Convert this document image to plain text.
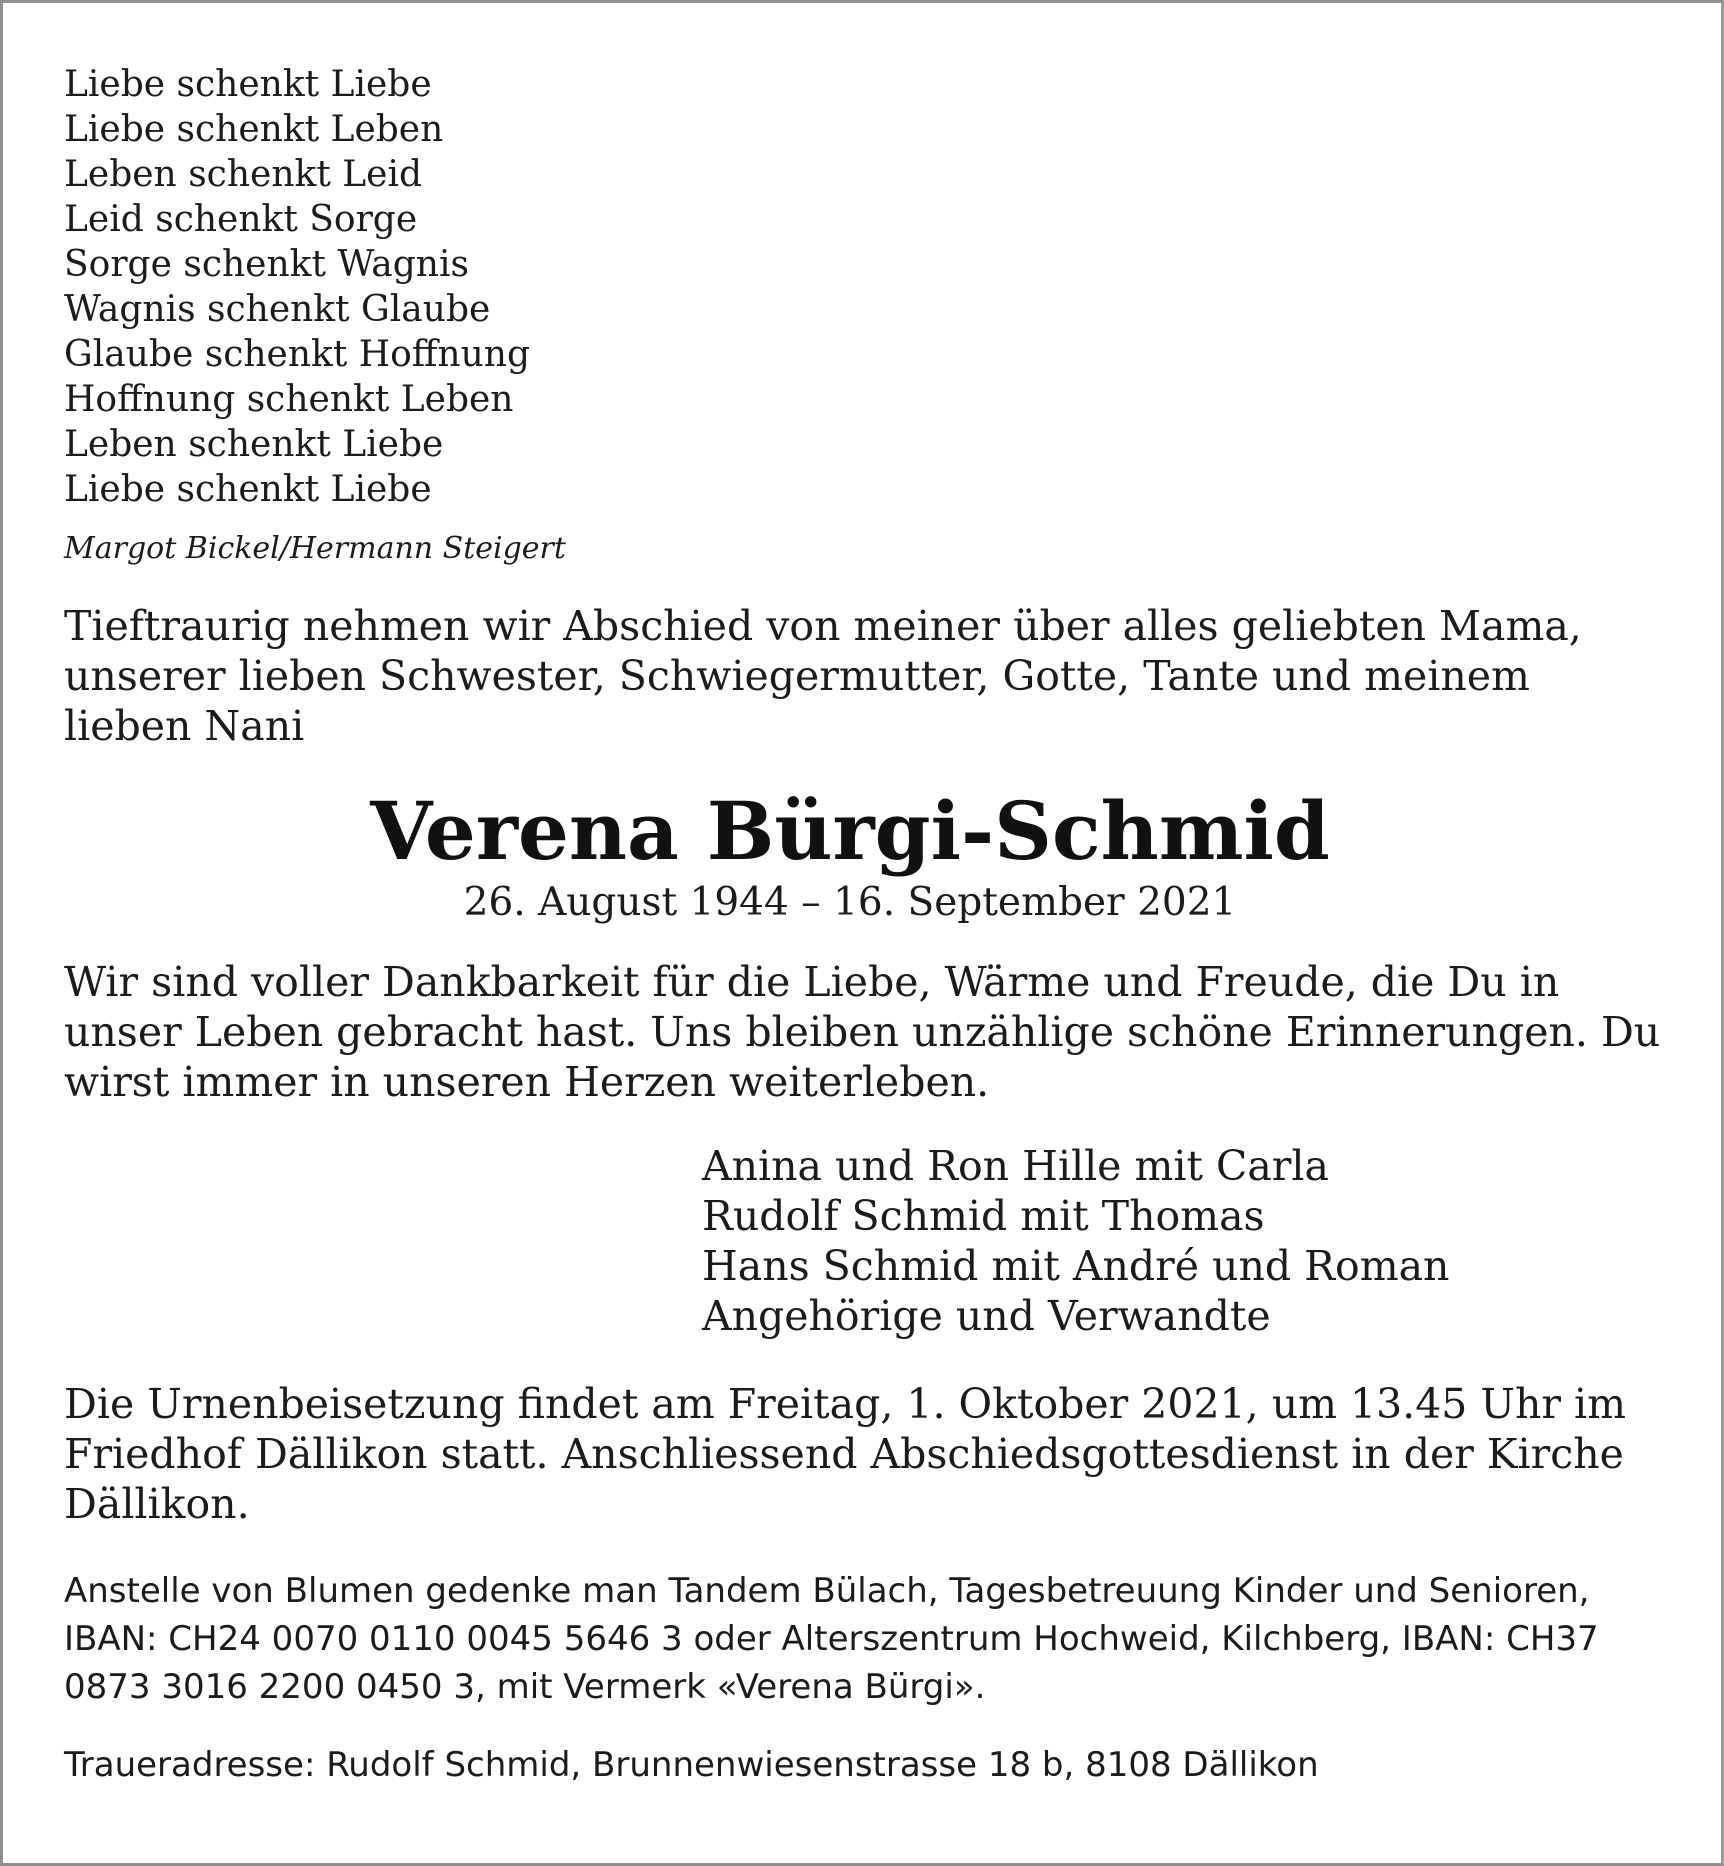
Liebe schenkt Liebe
Liebe schenkt Leben
Leben schenkt Leid
Leid schenkt Sorge
Sorge schenkt Wagnis
Wagnis schenkt Glaube
Glaube schenkt Hoffnung
Hoffnung schenkt Leben
Leben schenkt Liebe
Liebe schenkt Liebe
Margot Bickel/Hermann Steigert
Tieftraurig nehmen wir Abschied von meiner über alles geliebten Mama, unserer lieben Schwester, Schwiegermutter, Gotte, Tante und meinem lieben Nani
Verena Bürgi-Schmid
26. August 1944 – 16. September 2021
Wir sind voller Dankbarkeit für die Liebe, Wärme und Freude, die Du in unser Leben gebracht hast. Uns bleiben unzählige schöne Erinnerungen. Du wirst immer in unseren Herzen weiterleben.
Anina und Ron Hille mit Carla
Rudolf Schmid mit Thomas
Hans Schmid mit André und Roman
Angehörige und Verwandte
Die Urnenbeisetzung findet am Freitag, 1. Oktober 2021, um 13.45 Uhr im Friedhof Dällikon statt. Anschliessend Abschiedsgottesdienst in der Kirche Dällikon.
Anstelle von Blumen gedenke man Tandem Bülach, Tagesbetreuung Kinder und Senioren, IBAN: CH24 0070 0110 0045 5646 3 oder Alterszentrum Hochweid, Kilchberg, IBAN: CH37 0873 3016 2200 0450 3, mit Vermerk «Verena Bürgi».
Traueradresse: Rudolf Schmid, Brunnenwiesenstrasse 18 b, 8108 Dällikon
